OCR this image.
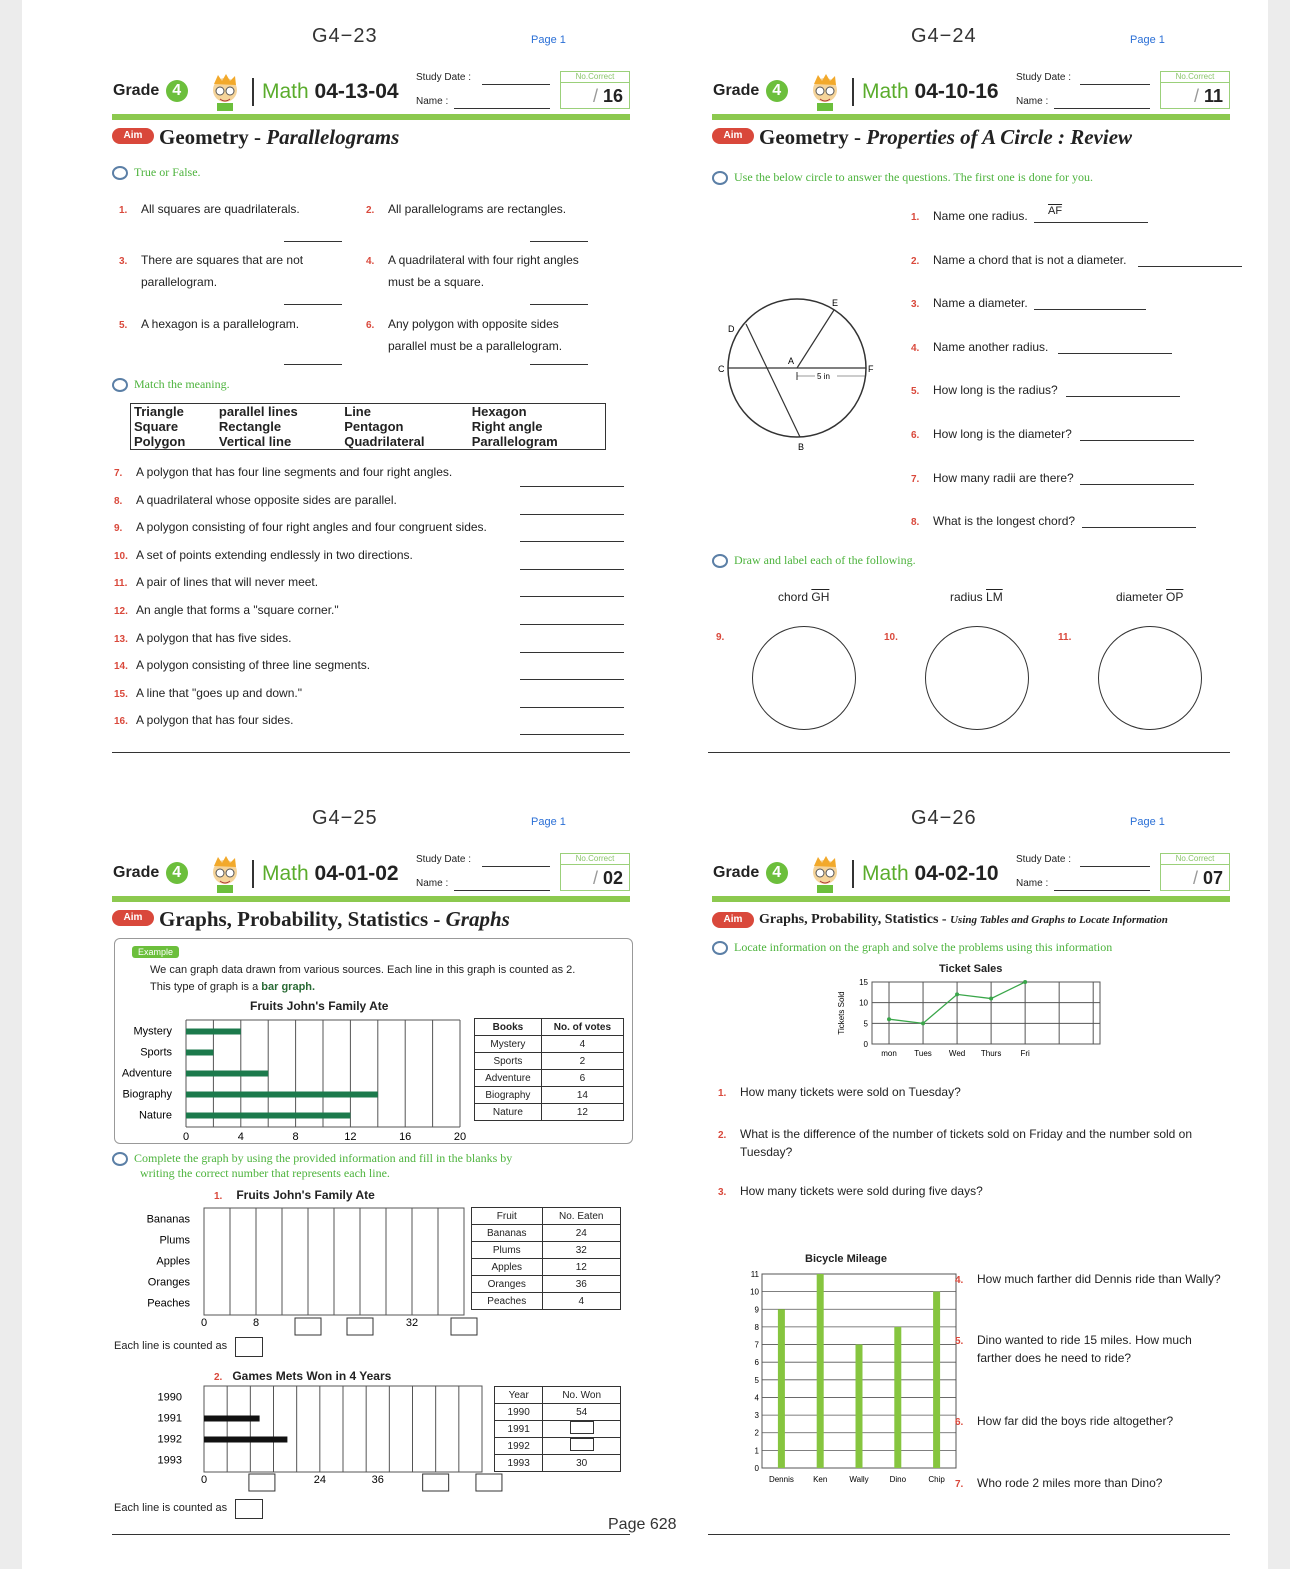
G4−23	Page 1
Grade 4	Math 04-13-04
Study Date :
Name :
No.Correct
/ 16
Aim Geometry - Parallelograms
True or False.
1. All squares are quadrilaterals.	2. All parallelograms are rectangles.
3. There are squares that are not
parallelogram.
4. A quadrilateral with four right angles
must be a square.
5. A hexagon is a parallelogram.	6. Any polygon with opposite sides
parallel must be a parallelogram.
Match the meaning.
Triangle	parallel lines	Line	Hexagon
Square	Rectangle	Pentagon	Right angle
Polygon	Vertical line	Quadrilateral	Parallelogram
7. A polygon that has four line segments and four right angles.
8. A quadrilateral whose opposite sides are parallel.
9. A polygon consisting of four right angles and four congruent sides.
10. A set of points extending endlessly in two directions.
11. A pair of lines that will never meet.
12. An angle that forms a "square corner."
13. A polygon that has five sides.
14. A polygon consisting of three line segments.
15. A line that "goes up and down."
16. A polygon that has four sides.
G4−24	Page 1
Grade 4	Math 04-10-16
Study Date :
Name :
No.Correct
/ 11
Aim Geometry - Properties of A Circle : Review
Use the below circle to answer the questions. The first one is done for you.
C	F
E
D
A
B
5 in
$\overline{AF}$
Draw and label each of the following.
chord $\overline{GH}$	radius $\overline{LM}$	diameter $\overline{OP}$
9.	10.	11.
1. Name one radius.
2. Name a chord that is not a diameter.
3. Name a diameter.
4. Name another radius.
5. How long is the radius?
6. How long is the diameter?
7. How many radii are there?
8. What is the longest chord?
G4−25	Page 1
Grade 4	Math 04-01-02
Study Date :
Name :
No.Correct
/ 02
Aim Graphs, Probability, Statistics - Graphs
Example
We can graph data drawn from various sources. Each line in this graph is counted as 2.
This type of graph is a bar graph.
Fruits John's Family Ate
Mystery
Sports
Adventure
Biography
Nature
0	4	8	12	16	20
Books	No. of votes
Mystery	4
Sports	2
Adventure	6
Biography	14
Nature	12
Complete the graph by using the provided information and fill in the blanks by
writing the correct number that represents each line.
1. Fruits John's Family Ate
Bananas
Plums
Apples
Oranges
Peaches
0	8	32
Fruit	No. Eaten
Bananas	24
Plums	32
Apples	12
Oranges	36
Peaches	4
Each line is counted as
2. Games Mets Won in 4 Years
1990
1991
1992
1993
0	24	36
Year	No. Won
1990	54
1991	
1992	
1993	30
Each line is counted as
G4−26	Page 1
Grade 4	Math 04-02-10
Study Date :
Name :
No.Correct
/ 07
Aim	Graphs, Probability, Statistics - Using Tables and Graphs to Locate Information
Locate information on the graph and solve the problems using this information
Ticket Sales
15
10
5
0
Tickets Sold
mon Tues Wed Thurs Fri
Bicycle Mileage
11
10
9
8
7
6
5
4
3
2
1
0
Dennis Ken	Wally	Dino	Chip
1. How many tickets were sold on Tuesday?
2. What is the difference of the number of tickets sold on Friday and the number sold on
Tuesday?
3. How many tickets were sold during five days?
4. How much farther did Dennis ride than Wally?
5. Dino wanted to ride 15 miles. How much
farther does he need to ride?
6. How far did the boys ride altogether?
7. Who rode 2 miles more than Dino?
Page 628
